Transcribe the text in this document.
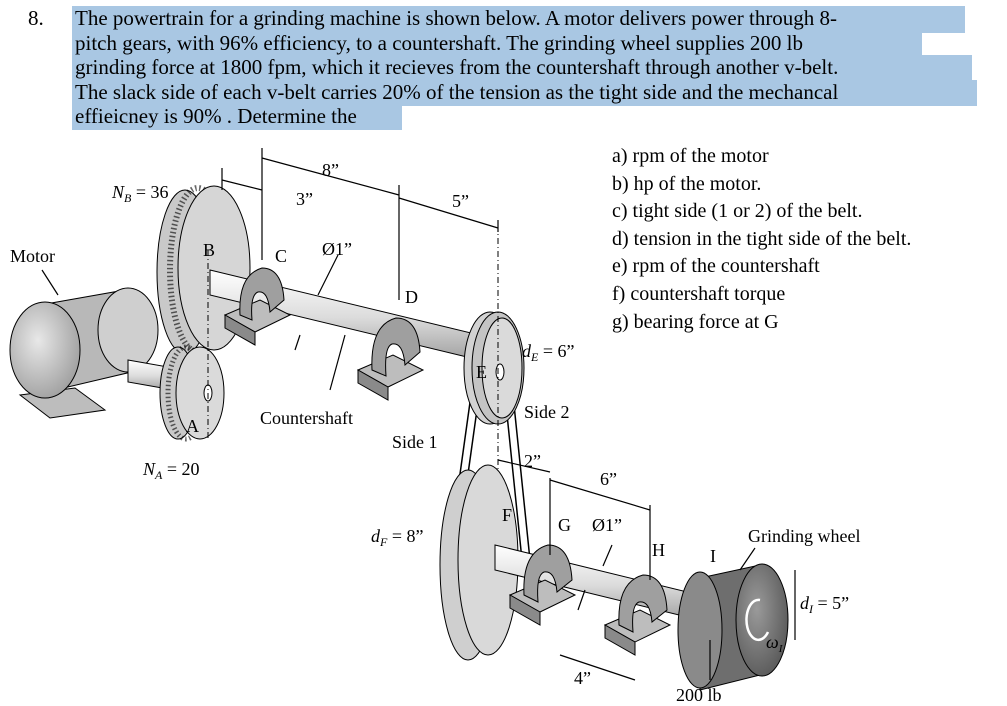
8. The powertrain for a grinding machine is shown below. A motor delivers power through 8-
pitch gears, with 96% efficiency, to a countershaft. The grinding wheel supplies 200 lb
grinding force at 1800 fpm, which it recieves from the countershaft through another v-belt.
The slack side of each v-belt carries 20% of the tension as the tight side and the mechancal
effieicney is 90% . Determine the
Motor
$N_B = 36$
$N_A = 20$
B	C
A
D
E
F	G
H	I
8”
3”	5”
Ø1”
Countershaft
$d_E = 6$”
Side 2
Side 1
2”
6”
Ø1”
$d_F = 8$”	Grinding wheel
$d_I = 5$”
$\omega_I$
4”
200 lb
a) rpm of the motor
b) hp of the motor.
c) tight side (1 or 2) of the belt.
d) tension in the tight side of the belt.
e) rpm of the countershaft
f) countershaft torque
g) bearing force at G
